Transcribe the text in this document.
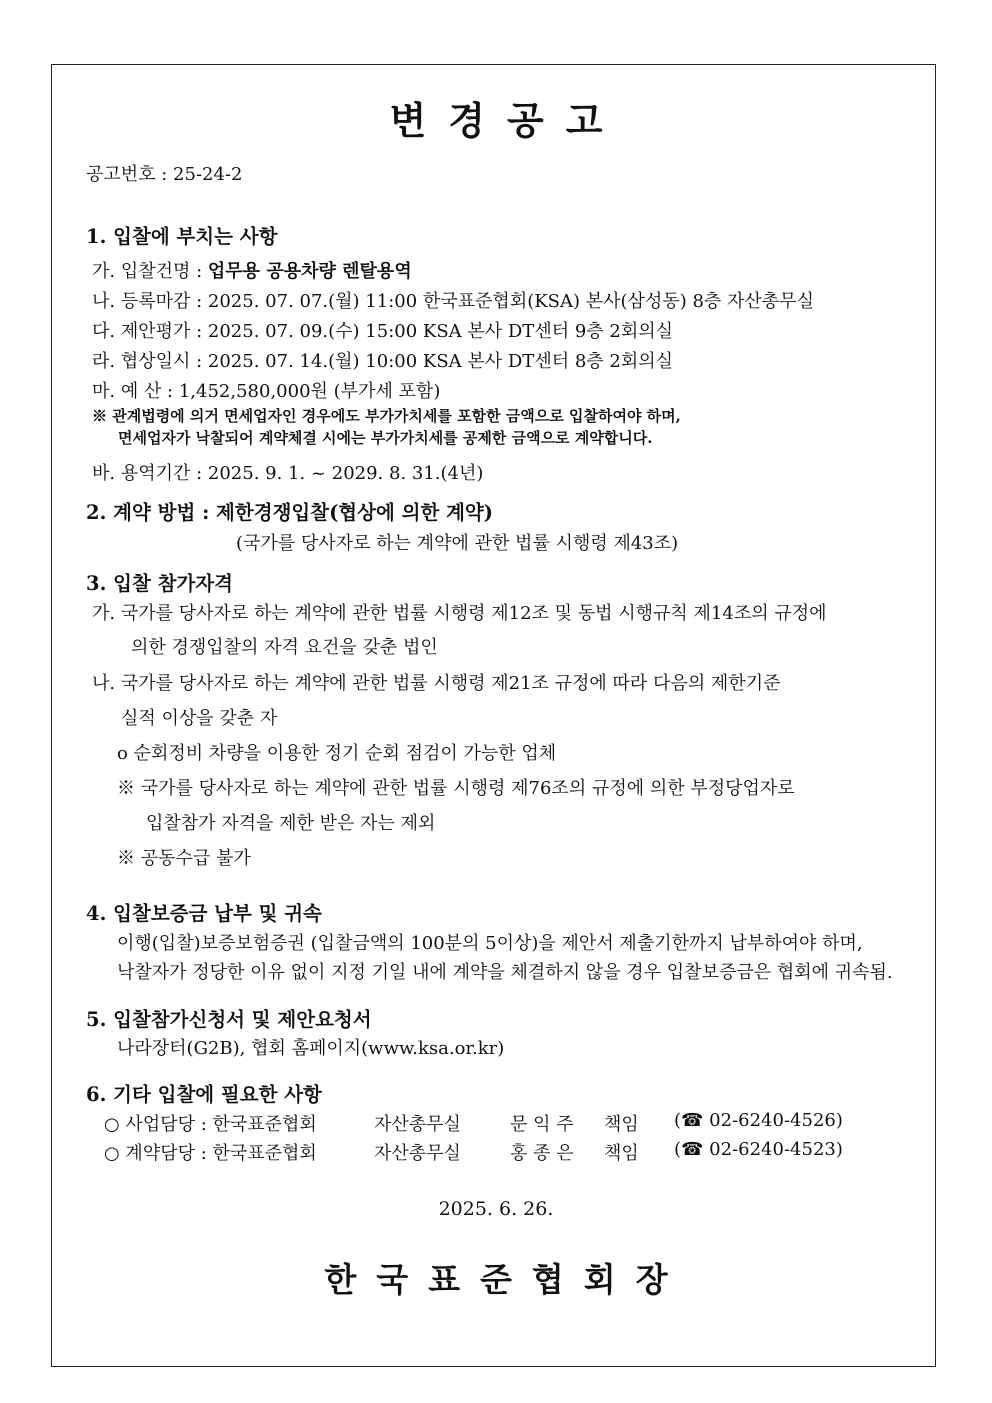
변경공고
공고번호 : 25-24-2
1. 입찰에 부치는 사항
가. 입찰건명 : 업무용 공용차량 렌탈용역
나. 등록마감 : 2025. 07. 07.(월) 11:00 한국표준협회(KSA) 본사(삼성동) 8층 자산총무실
다. 제안평가 : 2025. 07. 09.(수) 15:00 KSA 본사 DT센터 9층 2회의실
라. 협상일시 : 2025. 07. 14.(월) 10:00 KSA 본사 DT센터 8층 2회의실
마. 예 산 : 1,452,580,000원 (부가세 포함)
※ 관계법령에 의거 면세업자인 경우에도 부가가치세를 포함한 금액으로 입찰하여야 하며,
면세업자가 낙찰되어 계약체결 시에는 부가가치세를 공제한 금액으로 계약합니다.
바. 용역기간 : 2025. 9. 1. ~ 2029. 8. 31.(4년)
2. 계약 방법 : 제한경쟁입찰(협상에 의한 계약)
(국가를 당사자로 하는 계약에 관한 법률 시행령 제43조)
3. 입찰 참가자격
가. 국가를 당사자로 하는 계약에 관한 법률 시행령 제12조 및 동법 시행규칙 제14조의 규정에
의한 경쟁입찰의 자격 요건을 갖춘 법인
나. 국가를 당사자로 하는 계약에 관한 법률 시행령 제21조 규정에 따라 다음의 제한기준
실적 이상을 갖춘 자
o 순회정비 차량을 이용한 정기 순회 점검이 가능한 업체
※ 국가를 당사자로 하는 계약에 관한 법률 시행령 제76조의 규정에 의한 부정당업자로
입찰참가 자격을 제한 받은 자는 제외
※ 공동수급 불가
4. 입찰보증금 납부 및 귀속
이행(입찰)보증보험증권 (입찰금액의 100분의 5이상)을 제안서 제출기한까지 납부하여야 하며,
낙찰자가 정당한 이유 없이 지정 기일 내에 계약을 체결하지 않을 경우 입찰보증금은 협회에 귀속됨.
5. 입찰참가신청서 및 제안요청서
나라장터(G2B), 협회 홈페이지(www.ksa.or.kr)
6. 기타 입찰에 필요한 사항
○ 사업담당 : 한국표준협회	자산총무실	문 익 주 책임 (☎ 02-6240-4526)
○ 계약담당 : 한국표준협회	자산총무실	홍 종 은 책임 (☎ 02-6240-4523)
2025. 6. 26.
한국표준협회장
